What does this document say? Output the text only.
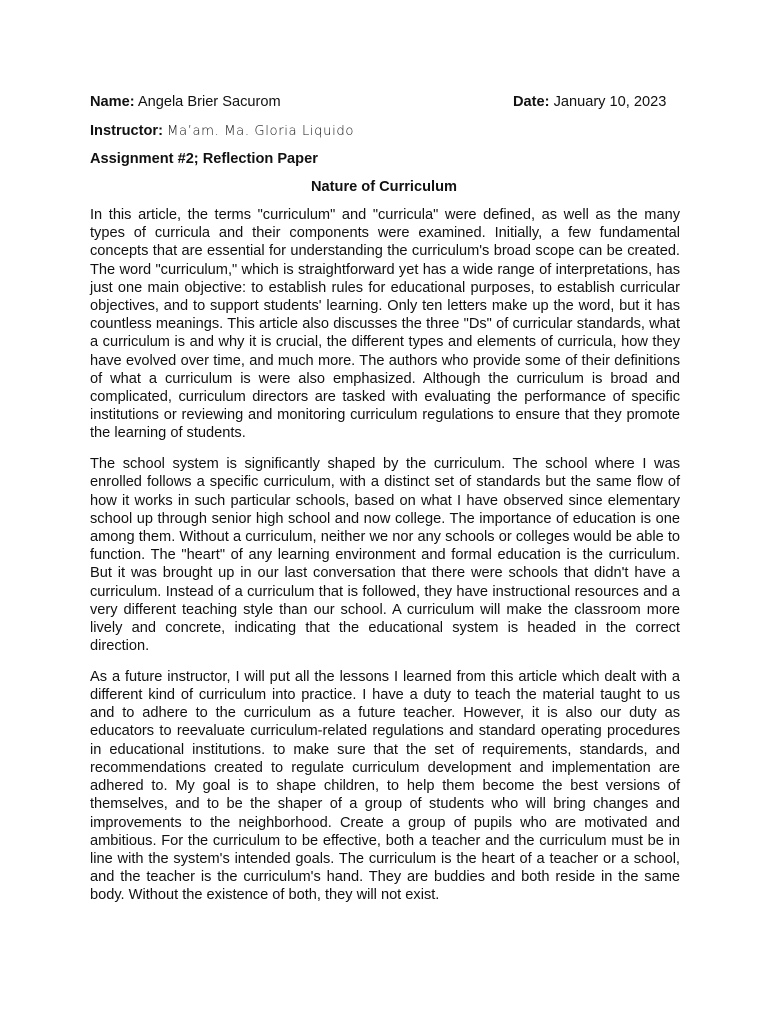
Name: Angela Brier Sacurom	Date: January 10, 2023
Instructor: Ma’am. Ma. Gloria Liquido
Assignment #2; Reflection Paper
Nature of Curriculum

In this article, the terms "curriculum" and "curricula" were defined, as well as the many types of curricula and their components were examined. Initially, a few fundamental concepts that are essential for understanding the curriculum's broad scope can be created. The word "curriculum," which is straightforward yet has a wide range of interpretations, has just one main objective: to establish rules for educational purposes, to establish curricular objectives, and to support students' learning. Only ten letters make up the word, but it has countless meanings. This article also discusses the three "Ds" of curricular standards, what a curriculum is and why it is crucial, the different types and elements of curricula, how they have evolved over time, and much more. The authors who provide some of their definitions of what a curriculum is were also emphasized. Although the curriculum is broad and complicated, curriculum directors are tasked with evaluating the performance of specific institutions or reviewing and monitoring curriculum regulations to ensure that they promote the learning of students.

The school system is significantly shaped by the curriculum. The school where I was enrolled follows a specific curriculum, with a distinct set of standards but the same flow of how it works in such particular schools, based on what I have observed since elementary school up through senior high school and now college. The importance of education is one among them. Without a curriculum, neither we nor any schools or colleges would be able to function. The "heart" of any learning environment and formal education is the curriculum. But it was brought up in our last conversation that there were schools that didn't have a curriculum. Instead of a curriculum that is followed, they have instructional resources and a very different teaching style than our school. A curriculum will make the classroom more lively and concrete, indicating that the educational system is headed in the correct direction.

As a future instructor, I will put all the lessons I learned from this article which dealt with a different kind of curriculum into practice. I have a duty to teach the material taught to us and to adhere to the curriculum as a future teacher. However, it is also our duty as educators to reevaluate curriculum-related regulations and standard operating procedures in educational institutions. to make sure that the set of requirements, standards, and recommendations created to regulate curriculum development and implementation are adhered to. My goal is to shape children, to help them become the best versions of themselves, and to be the shaper of a group of students who will bring changes and improvements to the neighborhood. Create a group of pupils who are motivated and ambitious. For the curriculum to be effective, both a teacher and the curriculum must be in line with the system's intended goals. The curriculum is the heart of a teacher or a school, and the teacher is the curriculum's hand. They are buddies and both reside in the same body. Without the existence of both, they will not exist.
